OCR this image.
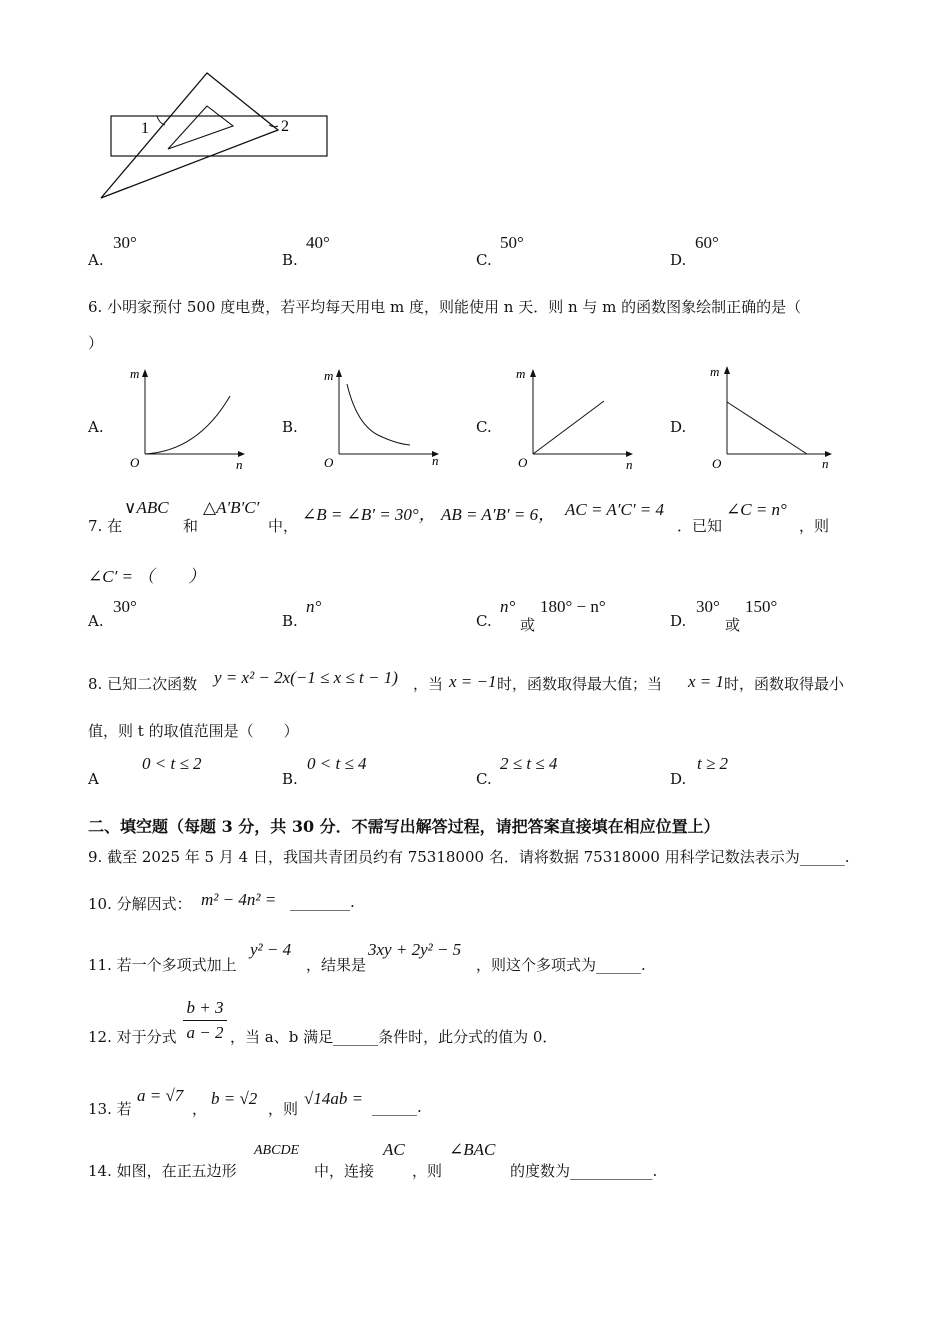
1	2
A.
30°
B.
40°
C.
50°
D.
60°
6. 小明家预付 500 度电费，若平均每天用电 m 度，则能使用 n 天．则 n 与 m 的函数图象绘制正确的是（
）
A.
m
n
O
B.
m
n
O
C.
m
n
O
D.
m
n
O
7. 在
∨ABC
和
△A′B′C′
中，
∠B = ∠B′ = 30°， AB = A′B′ = 6， AC = A′C′ = 4
．已知
∠C = n°
，则
∠C′ = （　　）
A.
30°
B.
n°
C.
n°
或
180° − n°
D.
30°
或
150°
8. 已知二次函数 y = x² − 2x(−1 ≤ x ≤ t − 1) ，当 x = −1 时，函数取得最大值；当 x = 1 时，函数取得最小
值，则 t 的取值范围是（　　）
A
0 < t ≤ 2
B.
0 < t ≤ 4
C.
2 ≤ t ≤ 4
D.
t ≥ 2
二、填空题（每题 3 分，共 30 分．不需写出解答过程，请把答案直接填在相应位置上）
9. 截至 2025 年 5 月 4 日，我国共青团员约有 75318000 名．请将数据 75318000 用科学记数法表示为______.
10. 分解因式： m² − 4n² = ________.
11. 若一个多项式加上
y² − 4
，结果是
3xy + 2y² − 5
，则这个多项式为______.
12. 对于分式 $\frac{b + 3}{a - 2}$ ，当 a、b 满足______条件时，此分式的值为 0．
13. 若
a = √7
，
b = √2
，则
√14ab = ______.
14. 如图，在正五边形
ABCDE
中，连接
AC
，则
∠BAC
的度数为___________.
